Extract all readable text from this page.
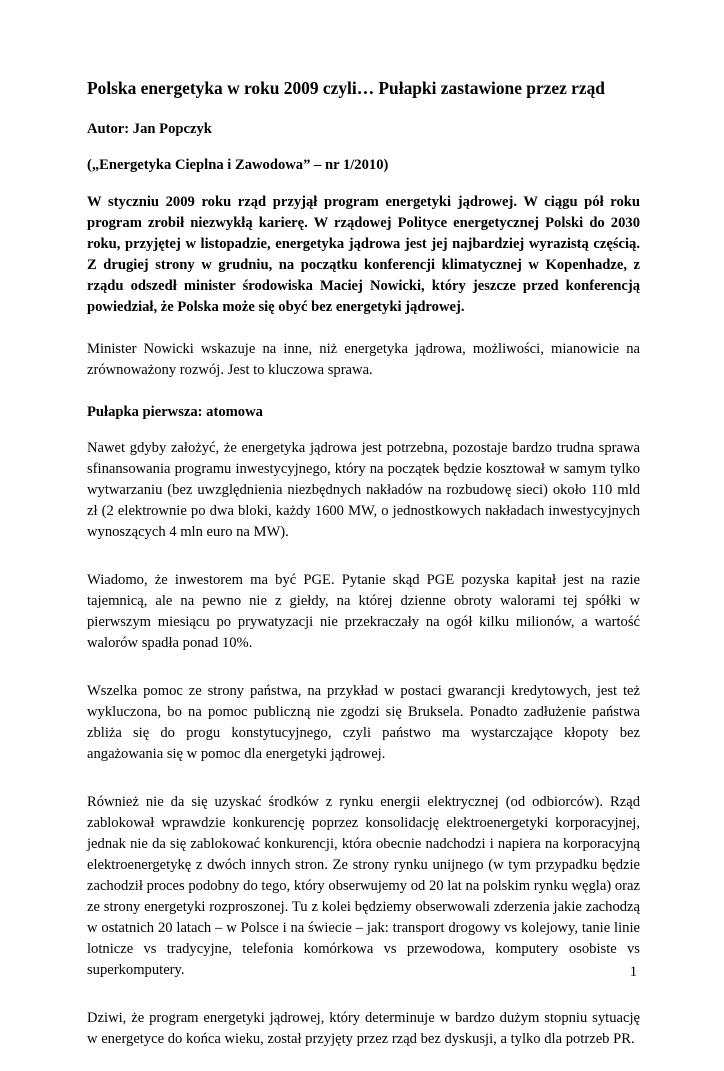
Polska energetyka w roku 2009 czyli… Pułapki zastawione przez rząd
Autor: Jan Popczyk
(„Energetyka Cieplna i Zawodowa” – nr 1/2010)
W styczniu 2009 roku rząd przyjął program energetyki jądrowej. W ciągu pół roku program zrobił niezwykłą karierę. W rządowej Polityce energetycznej Polski do 2030 roku, przyjętej w listopadzie, energetyka jądrowa jest jej najbardziej wyrazistą częścią. Z drugiej strony w grudniu, na początku konferencji klimatycznej w Kopenhadze, z rządu odszedł minister środowiska Maciej Nowicki, który jeszcze przed konferencją powiedział, że Polska może się obyć bez energetyki jądrowej.
Minister Nowicki wskazuje na inne, niż energetyka jądrowa, możliwości, mianowicie na zrównoważony rozwój. Jest to kluczowa sprawa.
Pułapka pierwsza: atomowa
Nawet gdyby założyć, że energetyka jądrowa jest potrzebna, pozostaje bardzo trudna sprawa sfinansowania programu inwestycyjnego, który na początek będzie kosztował w samym tylko wytwarzaniu (bez uwzględnienia niezbędnych nakładów na rozbudowę sieci) około 110 mld zł (2 elektrownie po dwa bloki, każdy 1600 MW, o jednostkowych nakładach inwestycyjnych wynoszących 4 mln euro na MW).
Wiadomo, że inwestorem ma być PGE. Pytanie skąd PGE pozyska kapitał jest na razie tajemnicą, ale na pewno nie z giełdy, na której dzienne obroty walorami tej spółki w pierwszym miesiącu po prywatyzacji nie przekraczały na ogół kilku milionów, a wartość walorów spadła ponad 10%.
Wszelka pomoc ze strony państwa, na przykład w postaci gwarancji kredytowych, jest też wykluczona, bo na pomoc publiczną nie zgodzi się Bruksela. Ponadto zadłużenie państwa zbliża się do progu konstytucyjnego, czyli państwo ma wystarczające kłopoty bez angażowania się w pomoc dla energetyki jądrowej.
Również nie da się uzyskać środków z rynku energii elektrycznej (od odbiorców). Rząd zablokował wprawdzie konkurencję poprzez konsolidację elektroenergetyki korporacyjnej, jednak nie da się zablokować konkurencji, która obecnie nadchodzi i napiera na korporacyjną elektroenergetykę z dwóch innych stron. Ze strony rynku unijnego (w tym przypadku będzie zachodził proces podobny do tego, który obserwujemy od 20 lat na polskim rynku węgla) oraz ze strony energetyki rozproszonej. Tu z kolei będziemy obserwowali zderzenia jakie zachodzą w ostatnich 20 latach – w Polsce i na świecie – jak: transport drogowy vs kolejowy, tanie linie lotnicze vs tradycyjne, telefonia komórkowa vs przewodowa, komputery osobiste vs superkomputery.
Dziwi, że program energetyki jądrowej, który determinuje w bardzo dużym stopniu sytuację w energetyce do końca wieku, został przyjęty przez rząd bez dyskusji, a tylko dla potrzeb PR.
1
